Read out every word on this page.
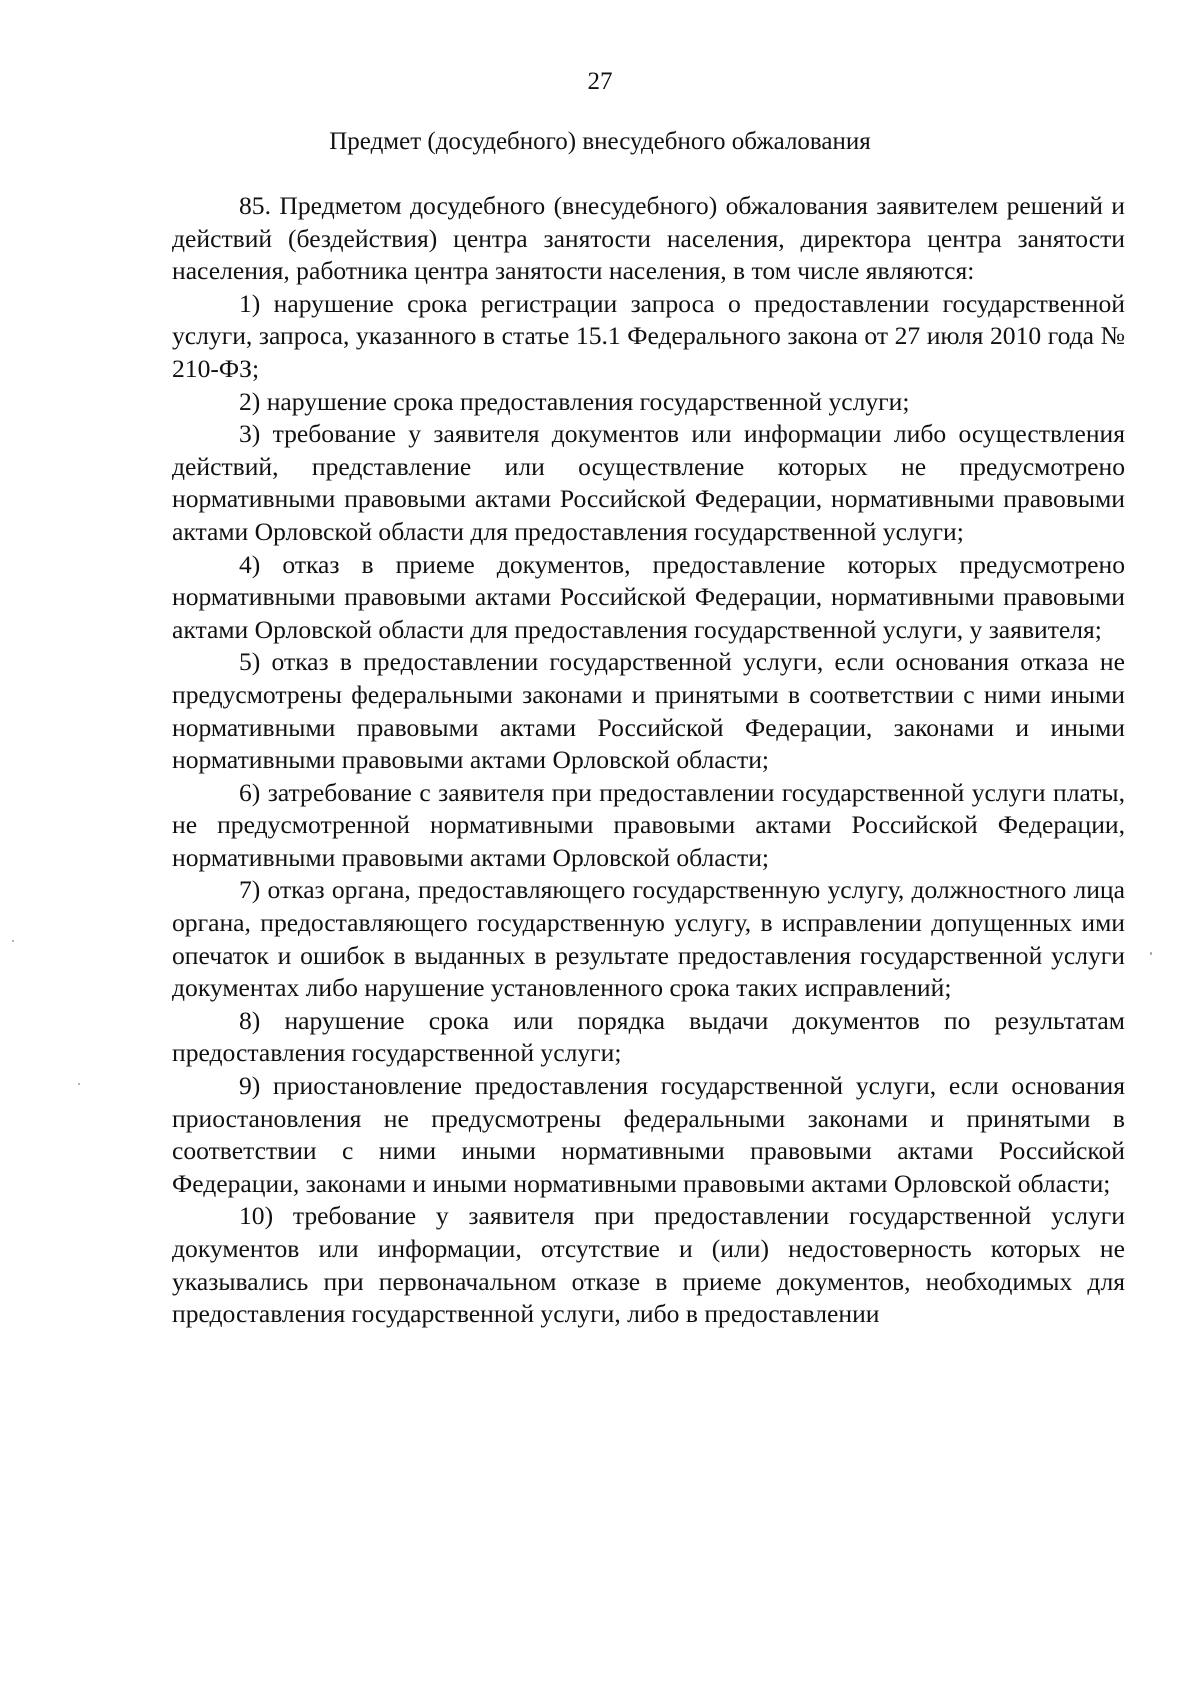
27
Предмет (досудебного) внесудебного обжалования

85. Предметом досудебного (внесудебного) обжалования заявителем решений и действий (бездействия) центра занятости населения, директора центра занятости населения, работника центра занятости населения, в том числе являются:

1) нарушение срока регистрации запроса о предоставлении государственной услуги, запроса, указанного в статье 15.1 Федерального закона от 27 июля 2010 года № 210-ФЗ;

2) нарушение срока предоставления государственной услуги;

3) требование у заявителя документов или информации либо осуществления действий, представление или осуществление которых не предусмотрено нормативными правовыми актами Российской Федерации, нормативными правовыми актами Орловской области для предоставления государственной услуги;

4) отказ в приеме документов, предоставление которых предусмотрено нормативными правовыми актами Российской Федерации, нормативными правовыми актами Орловской области для предоставления государственной услуги, у заявителя;

5) отказ в предоставлении государственной услуги, если основания отказа не предусмотрены федеральными законами и принятыми в соответствии с ними иными нормативными правовыми актами Российской Федерации, законами и иными нормативными правовыми актами Орловской области;

6) затребование с заявителя при предоставлении государственной услуги платы, не предусмотренной нормативными правовыми актами Российской Федерации, нормативными правовыми актами Орловской области;

7) отказ органа, предоставляющего государственную услугу, должностного лица органа, предоставляющего государственную услугу, в исправлении допущенных ими опечаток и ошибок в выданных в результате предоставления государственной услуги документах либо нарушение установленного срока таких исправлений;

8) нарушение срока или порядка выдачи документов по результатам предоставления государственной услуги;

9) приостановление предоставления государственной услуги, если основания приостановления не предусмотрены федеральными законами и принятыми в соответствии с ними иными нормативными правовыми актами Российской Федерации, законами и иными нормативными правовыми актами Орловской области;

10) требование у заявителя при предоставлении государственной услуги документов или информации, отсутствие и (или) недостоверность которых не указывались при первоначальном отказе в приеме документов, необходимых для предоставления государственной услуги, либо в предоставлении
